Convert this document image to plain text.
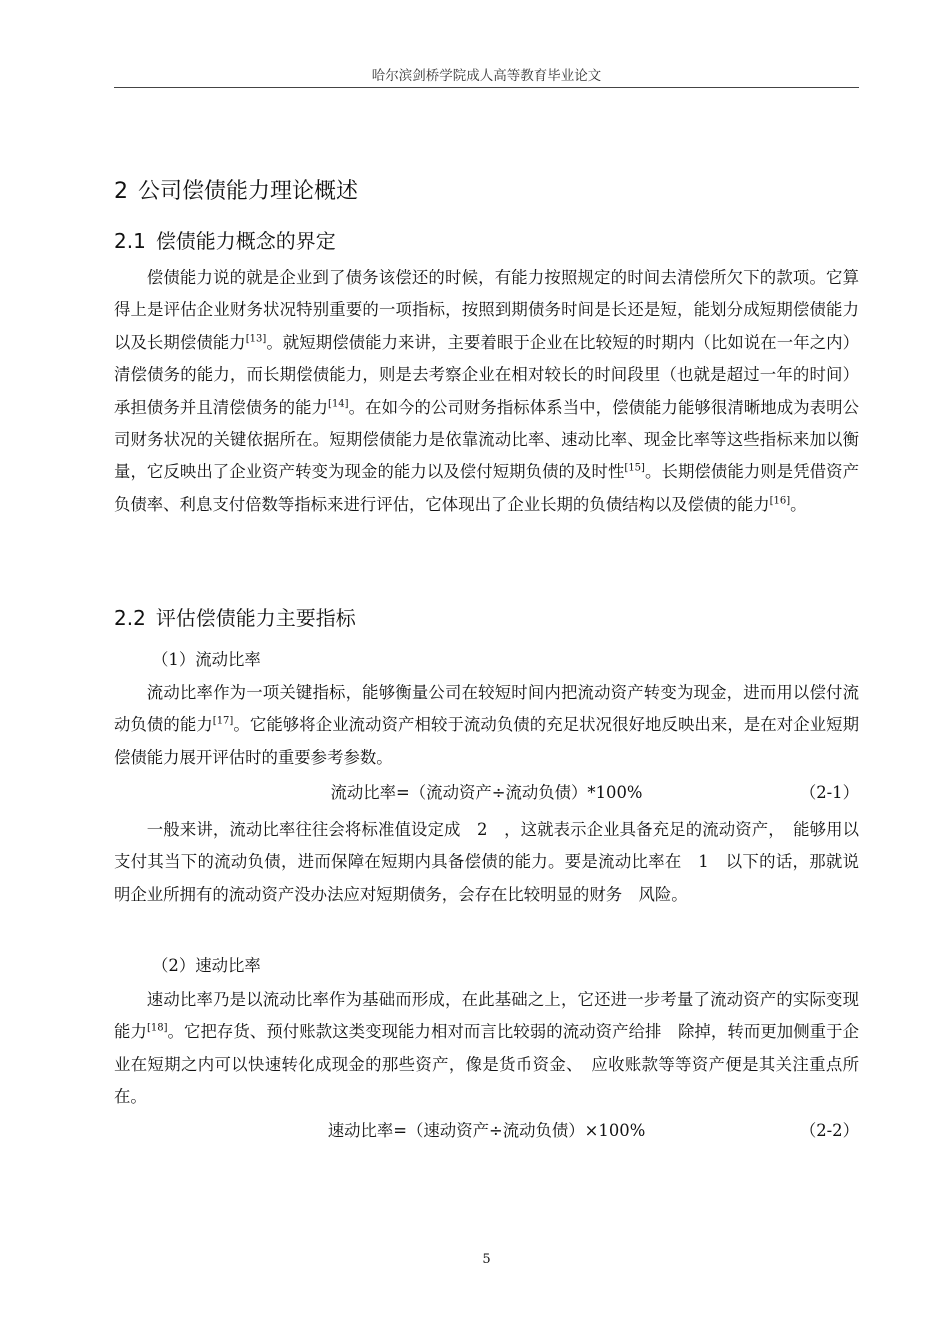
哈尔滨剑桥学院成人高等教育毕业论文
2 公司偿债能力理论概述
2.1 偿债能力概念的界定

偿债能力说的就是企业到了债务该偿还的时候，有能力按照规定的时间去清偿所欠下的款项。它算得上是评估企业财务状况特别重要的一项指标，按照到期债务时间是长还是短，能划分成短期偿债能力以及长期偿债能力[13]。就短期偿债能力来讲，主要着眼于企业在比较短的时期内（比如说在一年之内）清偿债务的能力，而长期偿债能力，则是去考察企业在相对较长的时间段里（也就是超过一年的时间）承担债务并且清偿债务的能力[14]。在如今的公司财务指标体系当中，偿债能力能够很清晰地成为表明公司财务状况的关键依据所在。短期偿债能力是依靠流动比率、速动比率、现金比率等这些指标来加以衡量，它反映出了企业资产转变为现金的能力以及偿付短期负债的及时性[15]。长期偿债能力则是凭借资产负债率、利息支付倍数等指标来进行评估，它体现出了企业长期的负债结构以及偿债的能力[16]。

2.2 评估偿债能力主要指标
（1）流动比率

流动比率作为一项关键指标，能够衡量公司在较短时间内把流动资产转变为现金，进而用以偿付流动负债的能力[17]。它能够将企业流动资产相较于流动负债的充足状况很好地反映出来，是在对企业短期偿债能力展开评估时的重要参考参数。

流动比率=（流动资产÷流动负债）*100%	（2-1）

一般来讲，流动比率往往会将标准值设定成　2　，这就表示企业具备充足的流动资产，　能够用以支付其当下的流动负债，进而保障在短期内具备偿债的能力。要是流动比率在　1　以下的话，那就说明企业所拥有的流动资产没办法应对短期债务，会存在比较明显的财务　风险。

（2）速动比率

速动比率乃是以流动比率作为基础而形成，在此基础之上，它还进一步考量了流动资产的实际变现能力[18]。它把存货、预付账款这类变现能力相对而言比较弱的流动资产给排　除掉，转而更加侧重于企业在短期之内可以快速转化成现金的那些资产，像是货币资金、　应收账款等等资产便是其关注重点所在。

速动比率=（速动资产÷流动负债）×100%	（2-2）
5
